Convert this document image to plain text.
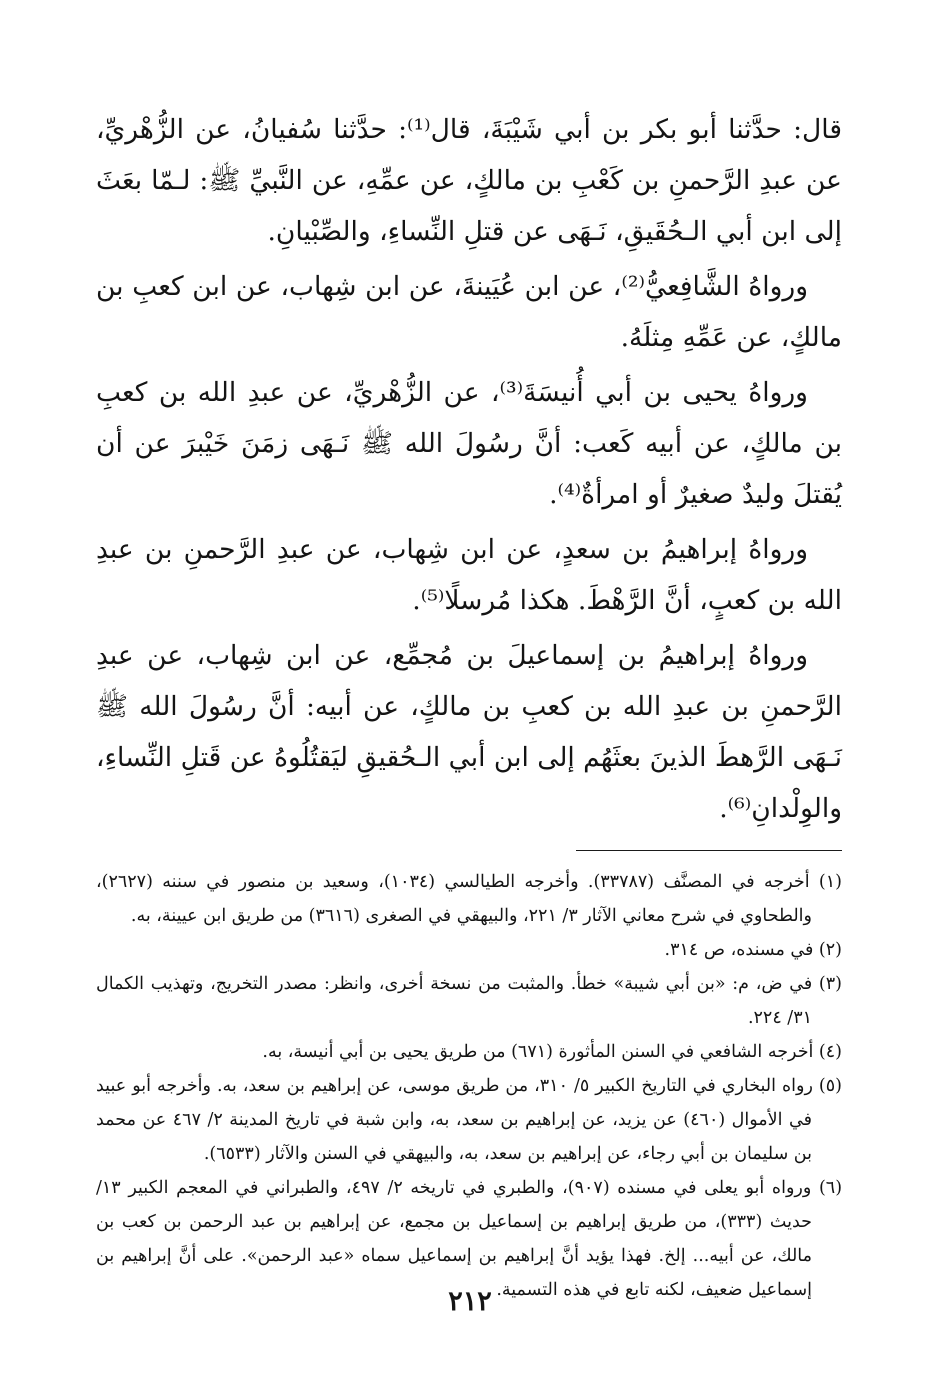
قال: حدَّثنا أبو بكر بن أبي شَيْبَةَ، قال⁽¹⁾: حدَّثنا سُفيانُ، عن الزُّهْريِّ، عن عبدِ الرَّحمنِ بن كَعْبِ بن مالكٍ، عن عمِّهِ، عن النَّبيِّ ﷺ: لـمّا بعَثَ إلى ابن أبي الـحُقَيقِ، نَـهَى عن قتلِ النِّساءِ، والصِّبْيانِ.

ورواهُ الشَّافِعيُّ⁽²⁾، عن ابن عُيَينةَ، عن ابن شِهاب، عن ابن كعبِ بن مالكٍ، عن عَمِّهِ مِثلَهُ.

ورواهُ يحيى بن أبي أُنيسَةَ⁽³⁾، عن الزُّهْريِّ، عن عبدِ الله بن كعبِ بن مالكٍ، عن أبيه كَعب: أنَّ رسُولَ الله ﷺ نَـهَى زمَنَ خَيْبرَ عن أن يُقتلَ وليدٌ صغيرٌ أو امرأةٌ⁽⁴⁾.

ورواهُ إبراهيمُ بن سعدٍ، عن ابن شِهاب، عن عبدِ الرَّحمنِ بن عبدِ الله بن كعبٍ، أنَّ الرَّهْطَ. هكذا مُرسلًا⁽⁵⁾.

ورواهُ إبراهيمُ بن إسماعيلَ بن مُجمِّع، عن ابن شِهاب، عن عبدِ الرَّحمنِ بن عبدِ الله بن كعبِ بن مالكٍ، عن أبيه: أنَّ رسُولَ الله ﷺ نَـهَى الرَّهطَ الذينَ بعثَهُم إلى ابن أبي الـحُقيقِ ليَقتُلُوهُ عن قَتلِ النِّساءِ، والوِلْدانِ⁽⁶⁾.

(١) أخرجه في المصنَّف (٣٣٧٨٧). وأخرجه الطيالسي (١٠٣٤)، وسعيد بن منصور في سننه (٢٦٢٧)، والطحاوي في شرح معاني الآثار ٣/ ٢٢١، والبيهقي في الصغرى (٣٦١٦) من طريق ابن عيينة، به.
(٢) في مسنده، ص ٣١٤.
(٣) في ض، م: «بن أبي شيبة» خطأ. والمثبت من نسخة أخرى، وانظر: مصدر التخريج، وتهذيب الكمال ٣١/ ٢٢٤.
(٤) أخرجه الشافعي في السنن المأثورة (٦٧١) من طريق يحيى بن أبي أنيسة، به.
(٥) رواه البخاري في التاريخ الكبير ٥/ ٣١٠، من طريق موسى، عن إبراهيم بن سعد، به. وأخرجه أبو عبيد في الأموال (٤٦٠) عن يزيد، عن إبراهيم بن سعد، به، وابن شبة في تاريخ المدينة ٢/ ٤٦٧ عن محمد بن سليمان بن أبي رجاء، عن إبراهيم بن سعد، به، والبيهقي في السنن والآثار (٦٥٣٣).
(٦) ورواه أبو يعلى في مسنده (٩٠٧)، والطبري في تاريخه ٢/ ٤٩٧، والطبراني في المعجم الكبير ١٣/ حديث (٣٣٣)، من طريق إبراهيم بن إسماعيل بن مجمع، عن إبراهيم بن عبد الرحمن بن كعب بن مالك، عن أبيه... إلخ. فهذا يؤيد أنَّ إبراهيم بن إسماعيل سماه «عبد الرحمن». على أنَّ إبراهيم بن إسماعيل ضعيف، لكنه تابع في هذه التسمية.
٢١٢
